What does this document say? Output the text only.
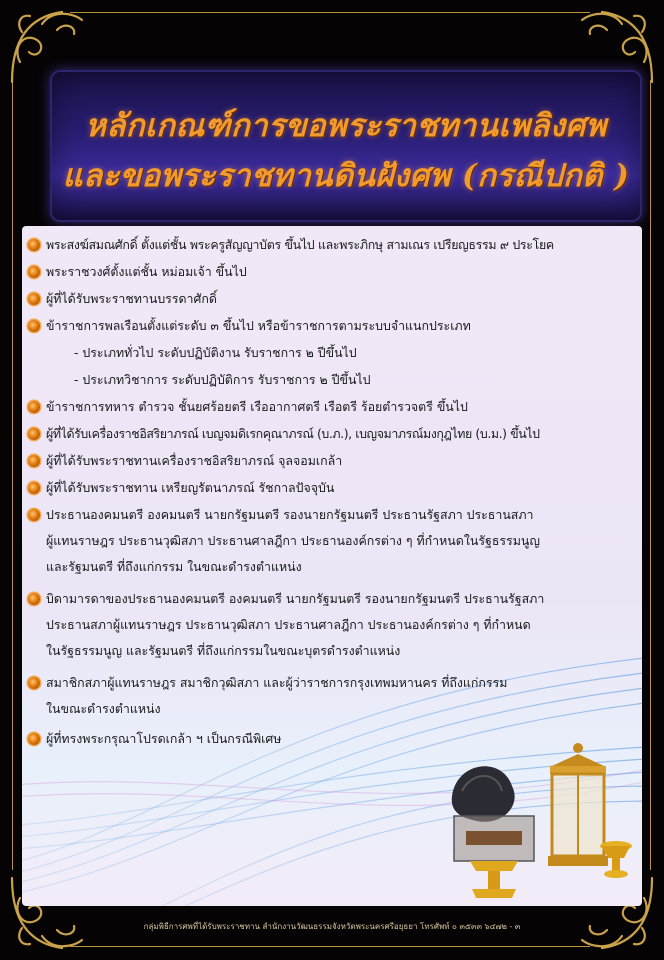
หลักเกณฑ์การขอพระราชทานเพลิงศพ
และขอพระราชทานดินฝังศพ (กรณีปกติ )
พระสงฆ์สมณศักดิ์ ตั้งแต่ชั้น พระครูสัญญาบัตร ขึ้นไป และพระภิกษุ สามเณร เปรียญธรรม ๙ ประโยค
พระราชวงศ์ตั้งแต่ชั้น หม่อมเจ้า ขึ้นไป
ผู้ที่ได้รับพระราชทานบรรดาศักดิ์
ข้าราชการพลเรือนตั้งแต่ระดับ ๓ ขึ้นไป หรือข้าราชการตามระบบจำแนกประเภท
- ประเภททั่วไป ระดับปฏิบัติงาน รับราชการ ๒ ปีขึ้นไป
- ประเภทวิชาการ ระดับปฏิบัติการ รับราชการ ๒ ปีขึ้นไป
ข้าราชการทหาร ตำรวจ ชั้นยศร้อยตรี เรืออากาศตรี เรือตรี ร้อยตำรวจตรี ขึ้นไป
ผู้ที่ได้รับเครื่องราชอิสริยาภรณ์ เบญจมดิเรกคุณาภรณ์ (บ.ภ.), เบญจมาภรณ์มงกุฎไทย (บ.ม.) ขึ้นไป
ผู้ที่ได้รับพระราชทานเครื่องราชอิสริยาภรณ์ จุลจอมเกล้า
ผู้ที่ได้รับพระราชทาน เหรียญรัตนาภรณ์ รัชกาลปัจจุบัน
ประธานองคมนตรี องคมนตรี นายกรัฐมนตรี รองนายกรัฐมนตรี ประธานรัฐสภา ประธานสภา
ผู้แทนราษฎร ประธานวุฒิสภา ประธานศาลฎีกา ประธานองค์กรต่าง ๆ ที่กำหนดในรัฐธรรมนูญ
และรัฐมนตรี ที่ถึงแก่กรรม ในขณะดำรงตำแหน่ง
บิดามารดาของประธานองคมนตรี องคมนตรี นายกรัฐมนตรี รองนายกรัฐมนตรี ประธานรัฐสภา
ประธานสภาผู้แทนราษฎร ประธานวุฒิสภา ประธานศาลฎีกา ประธานองค์กรต่าง ๆ ที่กำหนด
ในรัฐธรรมนูญ และรัฐมนตรี ที่ถึงแก่กรรมในขณะบุตรดำรงตำแหน่ง
สมาชิกสภาผู้แทนราษฎร สมาชิกวุฒิสภา และผู้ว่าราชการกรุงเทพมหานคร ที่ถึงแก่กรรม
ในขณะดำรงตำแหน่ง
ผู้ที่ทรงพระกรุณาโปรดเกล้า ฯ เป็นกรณีพิเศษ
กลุ่มพิธีการศพที่ได้รับพระราชทาน สำนักงานวัฒนธรรมจังหวัดพระนครศรีอยุธยา โทรศัพท์ ๐ ๓๕๓๓ ๖๔๗๒ - ๓
